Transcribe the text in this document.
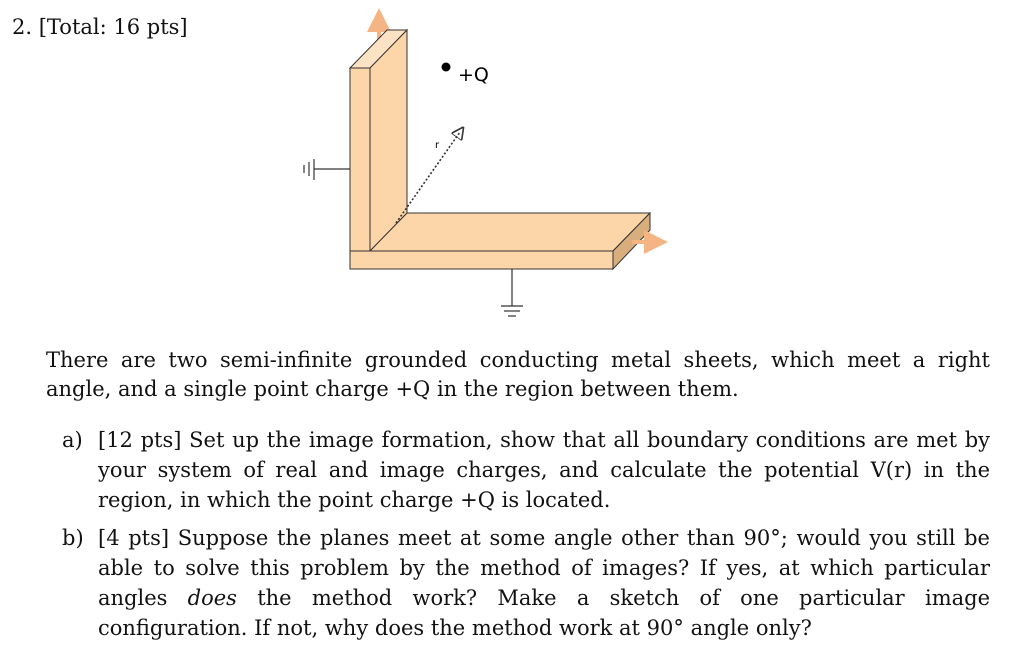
2. [Total: 16 pts]
r
+Q
There are two semi-infinite grounded conducting metal sheets, which meet a right angle, and a single point charge +Q in the region between them.
a) [12 pts] Set up the image formation, show that all boundary conditions are met by your system of real and image charges, and calculate the potential V(r) in the region, in which the point charge +Q is located.
b) [4 pts] Suppose the planes meet at some angle other than 90°; would you still be able to solve this problem by the method of images? If yes, at which particular angles does the method work? Make a sketch of one particular image configuration. If not, why does the method work at 90° angle only?
